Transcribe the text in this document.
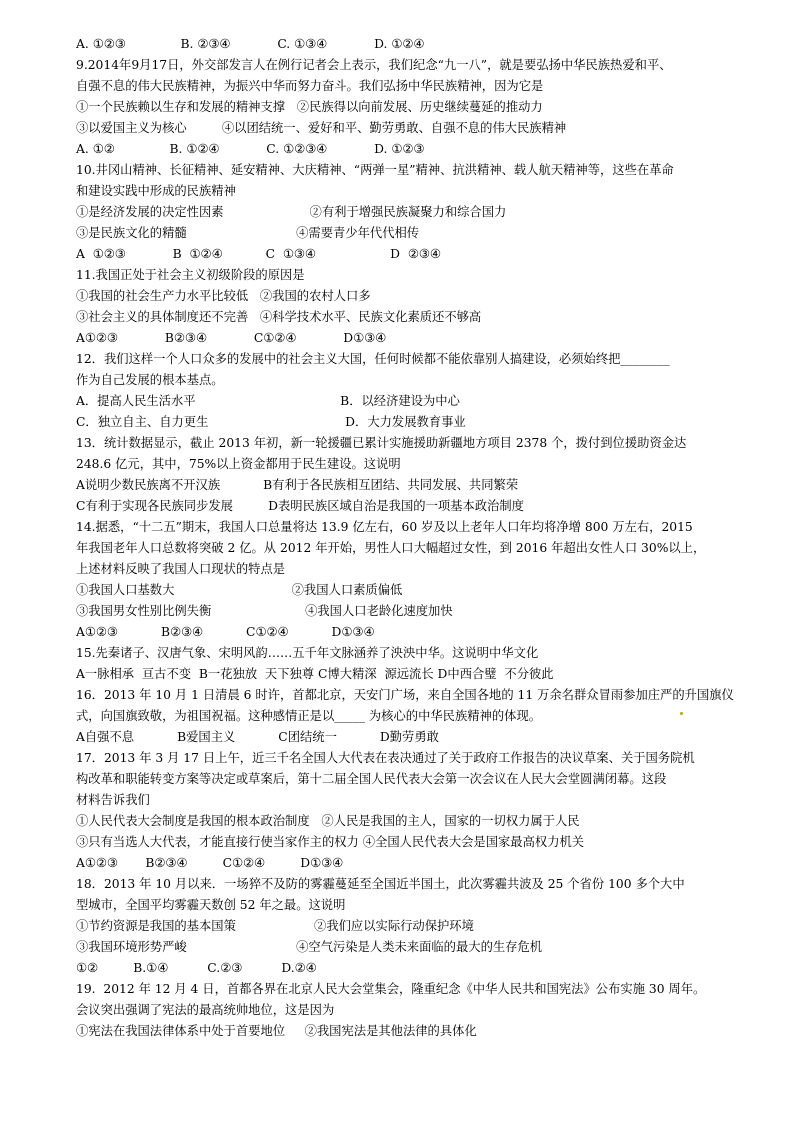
A. ①②③              B. ②③④            C. ①③④            D. ①②④
9.2014年9月17日，外交部发言人在例行记者会上表示，我们纪念“九一八”，就是要弘扬中华民族热爱和平、
自强不息的伟大民族精神，为振兴中华而努力奋斗。我们弘扬中华民族精神，因为它是
①一个民族赖以生存和发展的精神支撑   ②民族得以向前发展、历史继续蔓延的推动力
③以爱国主义为核心         ④以团结统一、爱好和平、勤劳勇敢、自强不息的伟大民族精神
A. ①②              B. ①②④            C. ①②③④            D. ①②③
10.井冈山精神、长征精神、延安精神、大庆精神、“两弹一星”精神、抗洪精神、载人航天精神等，这些在革命
和建设实践中形成的民族精神
①是经济发展的决定性因素                      ②有利于增强民族凝聚力和综合国力
③是民族文化的精髓                            ④需要青少年代代相传
A  ①②③            B  ①②④           C  ①③④                   D  ②③④
11.我国正处于社会主义初级阶段的原因是
①我国的社会生产力水平比较低   ②我国的农村人口多
③社会主义的具体制度还不完善   ④科学技术水平、民族文化素质还不够高
A①②③            B②③④            C①②④            D①③④
12．我们这样一个人口众多的发展中的社会主义大国，任何时候都不能依靠别人搞建设，必须始终把________
作为自己发展的根本基点。
A．提高人民生活水平                                     B．以经济建设为中心
C．独立自主、自力更生                                   D．大力发展教育事业
13．统计数据显示，截止 2013 年初，新一轮援疆已累计实施援助新疆地方项目 2378 个，拨付到位援助资金达
248.6 亿元，其中，75%以上资金都用于民生建设。这说明
A说明少数民族离不开汉族           B有利于各民族相互团结、共同发展、共同繁荣
C有利于实现各民族同步发展         D表明民族区域自治是我国的一项基本政治制度
14.据悉，“十二五”期末，我国人口总量将达 13.9 亿左右，60 岁及以上老年人口年均将净增 800 万左右，2015
年我国老年人口总数将突破 2 亿。从 2012 年开始，男性人口大幅超过女性，到 2016 年超出女性人口 30%以上，
上述材料反映了我国人口现状的特点是
①我国人口基数大                              ②我国人口素质偏低
③我国男女性别比例失衡                        ④我国人口老龄化速度加快
A①②③           B②③④           C①②④           D①③④
15.先秦诸子、汉唐气象、宋明风韵……五千年文脉涵养了泱泱中华。这说明中华文化
A一脉相承  亘古不变  B一花独放  天下独尊 C博大精深  源远流长 D中西合璧  不分彼此
16．2013 年 10 月 1 日清晨 6 时许，首都北京，天安门广场，来自全国各地的 11 万余名群众冒雨参加庄严的升国旗仪
式，向国旗致敬，为祖国祝福。这种感情正是以_____ 为核心的中华民族精神的体现。
A自强不息           B爱国主义           C团结统一           D勤劳勇敢
17．2013 年 3 月 17 日上午，近三千名全国人大代表在表决通过了关于政府工作报告的决议草案、关于国务院机
构改革和职能转变方案等决定或草案后，第十二届全国人民代表大会第一次会议在人民大会堂圆满闭幕。这段
材料告诉我们
①人民代表大会制度是我国的根本政治制度   ②人民是我国的主人，国家的一切权力属于人民
③只有当选人大代表，才能直接行使当家作主的权力 ④全国人民代表大会是国家最高权力机关
A①②③       B②③④         C①②④         D①③④
18．2013 年 10 月以来．一场猝不及防的雾霾蔓延至全国近半国土，此次雾霾共波及 25 个省份 100 多个大中
型城市，全国平均雾霾天数创 52 年之最。这说明
①节约资源是我国的基本国策                    ②我们应以实际行动保护环境
③我国环境形势严峻                            ④空气污染是人类未来面临的最大的生存危机
①②         B.①④          C.②③          D.②④
19.  2012 年 12 月 4 日，首都各界在北京人民大会堂集会，隆重纪念《中华人民共和国宪法》公布实施 30 周年。
会议突出强调了宪法的最高统帅地位，这是因为
①宪法在我国法律体系中处于首要地位     ②我国宪法是其他法律的具体化
